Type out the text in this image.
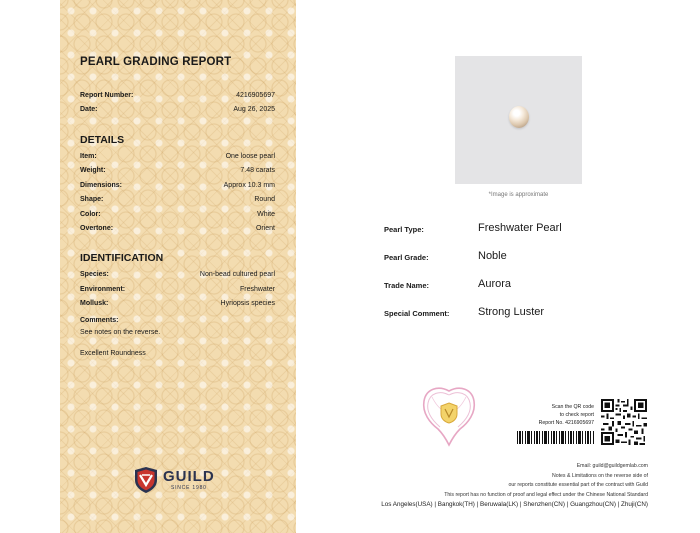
PEARL GRADING REPORT
Report Number:	4216905697
Date:	Aug 26, 2025
DETAILS
Item:	One loose pearl
Weight:	7.48 carats
Dimensions:	Approx 10.3 mm
Shape:	Round
Color:	White
Overtone:	Orient
IDENTIFICATION
Species:	Non-bead cultured pearl
Environment:	Freshwater
Mollusk:	Hyriopsis species
Comments:
See notes on the reverse.
Excellent Roundness
GUILD
SINCE 1980
*Image is approximate
Pearl Type:	Freshwater Pearl
Pearl Grade:	Noble
Trade Name:	Aurora
Special Comment:	Strong Luster
Scan the QR code
to check report
Report No. 4216905697
Email: guild@guildgemlab.com
Notes & Limitations on the reverse side of
our reports constitute essential part of the contract with Guild
This report has no function of proof and legal effect under the Chinese National Standard
Los Angeles(USA) | Bangkok(TH) | Beruwala(LK) | Shenzhen(CN) | Guangzhou(CN) | Zhuji(CN)
